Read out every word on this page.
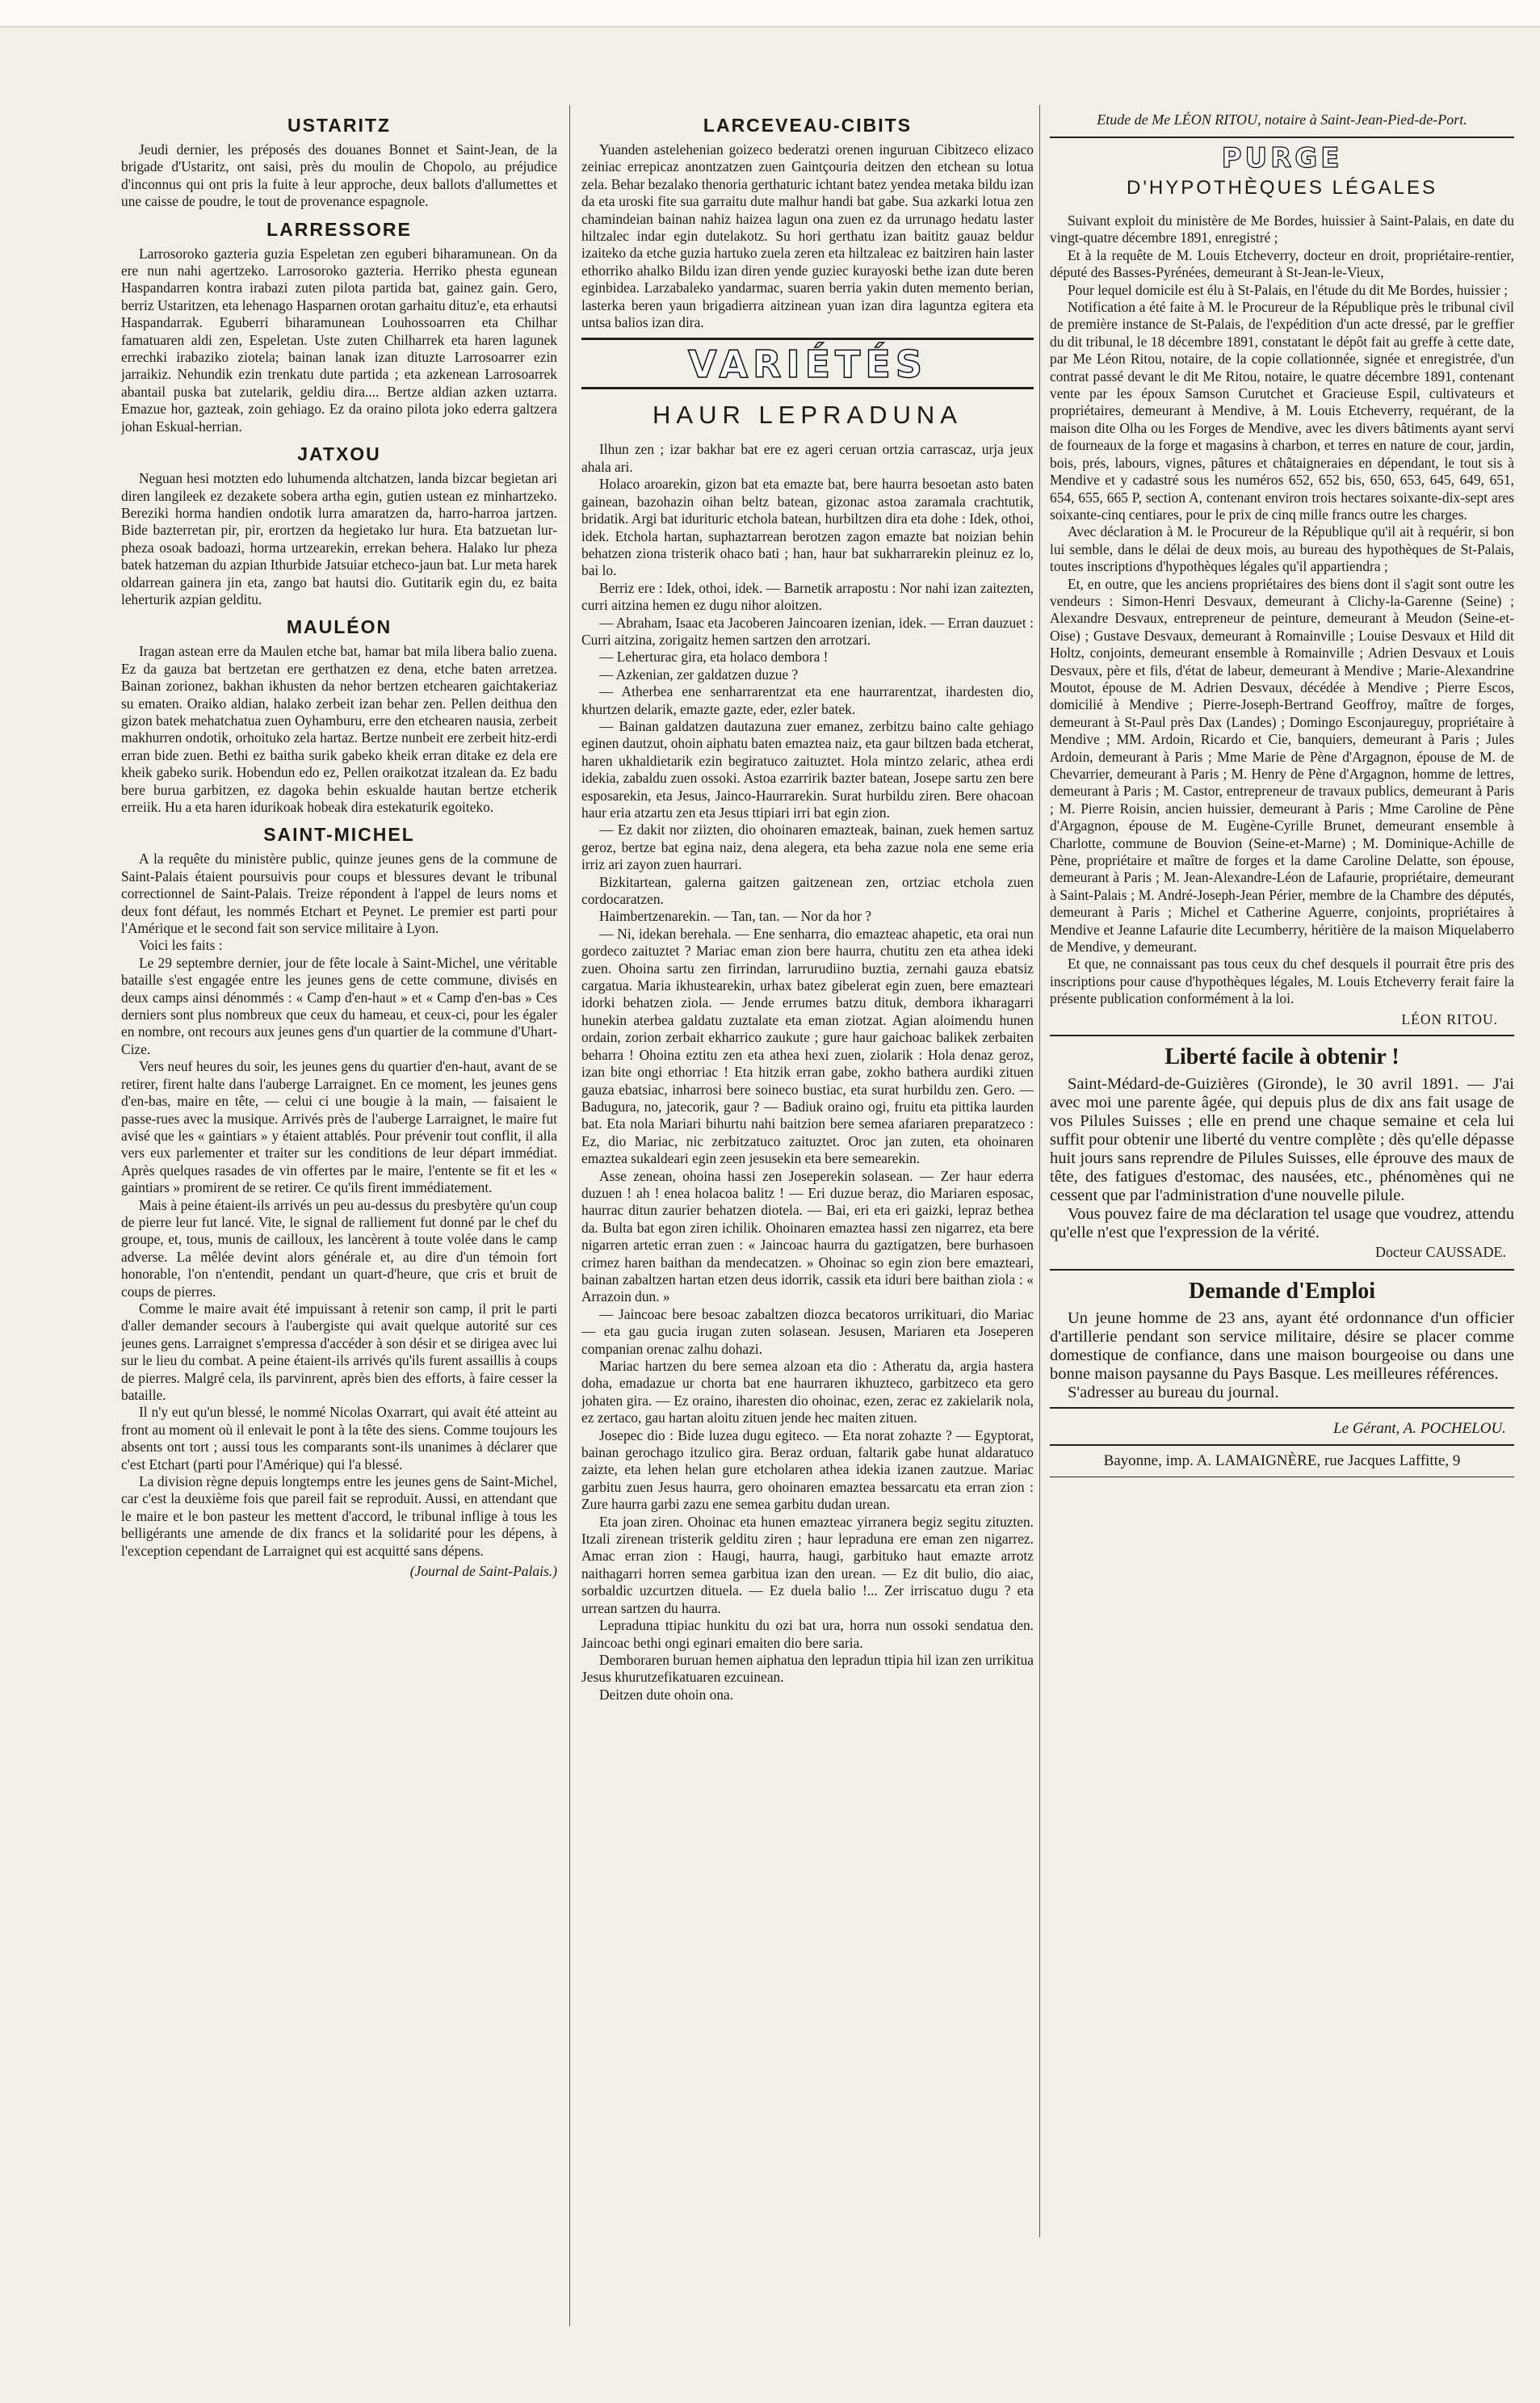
USTARITZ

Jeudi dernier, les préposés des douanes Bonnet et Saint-Jean, de la brigade d'Ustaritz, ont saisi, près du moulin de Chopolo, au préjudice d'inconnus qui ont pris la fuite à leur approche, deux ballots d'allumettes et une caisse de poudre, le tout de provenance espagnole.

LARRESSORE

Larrosoroko gazteria guzia Espeletan zen eguberi biharamunean. On da ere nun nahi agertzeko. Larrosoroko gazteria. Herriko phesta egunean Haspandarren kontra irabazi zuten pilota partida bat, gainez gain. Gero, berriz Ustaritzen, eta lehenago Hasparnen orotan garhaitu dituz'e, eta erhautsi Haspandarrak. Eguberri biharamunean Louhossoarren eta Chilhar famatuaren aldi zen, Espeletan. Uste zuten Chilharrek eta haren lagunek errechki irabaziko ziotela; bainan lanak izan dituzte Larrosoarrer ezin jarraikiz. Nehundik ezin trenkatu dute partida ; eta azkenean Larrosoarrek abantail puska bat zutelarik, geldiu dira.... Bertze aldian azken uztarra. Emazue hor, gazteak, zoin gehiago. Ez da oraino pilota joko ederra galtzera johan Eskual-herrian.

JATXOU

Neguan hesi motzten edo luhumenda altchatzen, landa bizcar begietan ari diren langileek ez dezakete sobera artha egin, gutien ustean ez minhartzeko. Bereziki horma handien ondotik lurra amaratzen da, harro-harroa jartzen. Bide bazterretan pir, pir, erortzen da hegietako lur hura. Eta batzuetan lur-pheza osoak badoazi, horma urtzearekin, errekan behera. Halako lur pheza batek hatzeman du azpian Ithurbide Jatsuiar etcheco-jaun bat. Lur meta harek oldarrean gainera jin eta, zango bat hautsi dio. Gutitarik egin du, ez baita leherturik azpian gelditu.

MAULÉON

Iragan astean erre da Maulen etche bat, hamar bat mila libera balio zuena. Ez da gauza bat bertzetan ere gerthatzen ez dena, etche baten arretzea. Bainan zorionez, bakhan ikhusten da nehor bertzen etchearen gaichtakeriaz su ematen. Oraiko aldian, halako zerbeit izan behar zen. Pellen deithua den gizon batek mehatchatua zuen Oyhamburu, erre den etchearen nausia, zerbeit makhurren ondotik, orhoituko zela hartaz. Bertze nunbeit ere zerbeit hitz-erdi erran bide zuen. Bethi ez baitha surik gabeko kheik erran ditake ez dela ere kheik gabeko surik. Hobendun edo ez, Pellen oraikotzat itzalean da. Ez badu bere burua garbitzen, ez dagoka behin eskualde hautan bertze etcherik erreiik. Hu a eta haren idurikoak hobeak dira estekaturik egoiteko.

SAINT-MICHEL

A la requête du ministère public, quinze jeunes gens de la commune de Saint-Palais étaient poursuivis pour coups et blessures devant le tribunal correctionnel de Saint-Palais. Treize répondent à l'appel de leurs noms et deux font défaut, les nommés Etchart et Peynet. Le premier est parti pour l'Amérique et le second fait son service militaire à Lyon.

Voici les faits :

Le 29 septembre dernier, jour de fête locale à Saint-Michel, une véritable bataille s'est engagée entre les jeunes gens de cette commune, divisés en deux camps ainsi dénommés : « Camp d'en-haut » et « Camp d'en-bas » Ces derniers sont plus nombreux que ceux du hameau, et ceux-ci, pour les égaler en nombre, ont recours aux jeunes gens d'un quartier de la commune d'Uhart-Cize.

Vers neuf heures du soir, les jeunes gens du quartier d'en-haut, avant de se retirer, firent halte dans l'auberge Larraignet. En ce moment, les jeunes gens d'en-bas, maire en tête, — celui ci une bougie à la main, — faisaient le passe-rues avec la musique. Arrivés près de l'auberge Larraignet, le maire fut avisé que les « gaintiars » y étaient attablés. Pour prévenir tout conflit, il alla vers eux parlementer et traiter sur les conditions de leur départ immédiat. Après quelques rasades de vin offertes par le maire, l'entente se fit et les « gaintiars » promirent de se retirer. Ce qu'ils firent immédiatement.

Mais à peine étaient-ils arrivés un peu au-dessus du presbytère qu'un coup de pierre leur fut lancé. Vite, le signal de ralliement fut donné par le chef du groupe, et, tous, munis de cailloux, les lancèrent à toute volée dans le camp adverse. La mêlée devint alors générale et, au dire d'un témoin fort honorable, l'on n'entendit, pendant un quart-d'heure, que cris et bruit de coups de pierres.

Comme le maire avait été impuissant à retenir son camp, il prit le parti d'aller demander secours à l'aubergiste qui avait quelque autorité sur ces jeunes gens. Larraignet s'empressa d'accéder à son désir et se dirigea avec lui sur le lieu du combat. A peine étaient-ils arrivés qu'ils furent assaillis à coups de pierres. Malgré cela, ils parvinrent, après bien des efforts, à faire cesser la bataille.

Il n'y eut qu'un blessé, le nommé Nicolas Oxarrart, qui avait été atteint au front au moment où il enlevait le pont à la tête des siens. Comme toujours les absents ont tort ; aussi tous les comparants sont-ils unanimes à déclarer que c'est Etchart (parti pour l'Amérique) qui l'a blessé.

La division règne depuis longtemps entre les jeunes gens de Saint-Michel, car c'est la deuxième fois que pareil fait se reproduit. Aussi, en attendant que le maire et le bon pasteur les mettent d'accord, le tribunal inflige à tous les belligérants une amende de dix francs et la solidarité pour les dépens, à l'exception cependant de Larraignet qui est acquitté sans dépens.

(Journal de Saint-Palais.)
LARCEVEAU-CIBITS

Yuanden astelehenian goizeco bederatzi orenen inguruan Cibitzeco elizaco zeiniac errepicaz anontzatzen zuen Gaintçouria deitzen den etchean su lotua zela. Behar bezalako thenoria gerthaturic ichtant batez yendea metaka bildu izan da eta uroski fite sua garraitu dute malhur handi bat gabe. Sua azkarki lotua zen chamindeian bainan nahiz haizea lagun ona zuen ez da urrunago hedatu laster hiltzalec indar egin dutelakotz. Su hori gerthatu izan baititz gauaz beldur izaiteko da etche guzia hartuko zuela zeren eta hiltzaleac ez baitziren hain laster ethorriko ahalko Bildu izan diren yende guziec kurayoski bethe izan dute beren eginbidea. Larzabaleko yandarmac, suaren berria yakin duten memento berian, lasterka beren yaun brigadierra aitzinean yuan izan dira laguntza egitera eta untsa balios izan dira.

VARIÉTÉS
HAUR LEPRADUNA

Ilhun zen ; izar bakhar bat ere ez ageri ceruan ortzia carrascaz, urja jeux ahala ari.

Holaco aroarekin, gizon bat eta emazte bat, bere haurra besoetan asto baten gainean, bazohazin oihan beltz batean, gizonac astoa zaramala crachtutik, bridatik. Argi bat idurituric etchola batean, hurbiltzen dira eta dohe : Idek, othoi, idek. Etchola hartan, suphaztarrean berotzen zagon emazte bat noizian behin behatzen ziona tristerik ohaco bati ; han, haur bat sukharrarekin pleinuz ez lo, bai lo.

Berriz ere : Idek, othoi, idek. — Barnetik arrapostu : Nor nahi izan zaitezten, curri aitzina hemen ez dugu nihor aloitzen.

— Abraham, Isaac eta Jacoberen Jaincoaren izenian, idek. — Erran dauzuet : Curri aitzina, zorigaitz hemen sartzen den arrotzari.

— Leherturac gira, eta holaco dembora !

— Azkenian, zer galdatzen duzue ?

— Atherbea ene senharrarentzat eta ene haurrarentzat, ihardesten dio, khurtzen delarik, emazte gazte, eder, ezler batek.

— Bainan galdatzen dautazuna zuer emanez, zerbitzu baino calte gehiago eginen dautzut, ohoin aiphatu baten emaztea naiz, eta gaur biltzen bada etcherat, haren ukhaldietarik ezin begiratuco zaituztet. Hola mintzo zelaric, athea erdi idekia, zabaldu zuen ossoki. Astoa ezarririk bazter batean, Josepe sartu zen bere esposarekin, eta Jesus, Jainco-Haurrarekin. Surat hurbildu ziren. Bere ohacoan haur eria atzartu zen eta Jesus ttipiari irri bat egin zion.

— Ez dakit nor ziizten, dio ohoinaren emazteak, bainan, zuek hemen sartuz geroz, bertze bat egina naiz, dena alegera, eta beha zazue nola ene seme eria irriz ari zayon zuen haurrari.

Bizkitartean, galerna gaitzen gaitzenean zen, ortziac etchola zuen cordocaratzen.

Haimbertzenarekin. — Tan, tan. — Nor da hor ?

— Ni, idekan berehala. — Ene senharra, dio emazteac ahapetic, eta orai nun gordeco zaituztet ? Mariac eman zion bere haurra, chutitu zen eta athea ideki zuen. Ohoina sartu zen firrindan, larrurudiino buztia, zernahi gauza ebatsiz cargatua. Maria ikhustearekin, urhax batez gibelerat egin zuen, bere emazteari idorki behatzen ziola. — Jende errumes batzu dituk, dembora ikharagarri hunekin aterbea galdatu zuztalate eta eman ziotzat. Agian aloimendu hunen ordain, zorion zerbait ekharrico zaukute ; gure haur gaichoac balikek zerbaiten beharra ! Ohoina eztitu zen eta athea hexi zuen, ziolarik : Hola denaz geroz, izan bite ongi ethorriac ! Eta hitzik erran gabe, zokho bathera aurdiki zituen gauza ebatsiac, inharrosi bere soineco bustiac, eta surat hurbildu zen. Gero. — Badugura, no, jatecorik, gaur ? — Badiuk oraino ogi, fruitu eta pittika laurden bat. Eta nola Mariari bihurtu nahi baitzion bere semea afariaren preparatzeco : Ez, dio Mariac, nic zerbitzatuco zaituztet. Oroc jan zuten, eta ohoinaren emaztea sukaldeari egin zeen jesusekin eta bere semearekin.

Asse zenean, ohoina hassi zen Joseperekin solasean. — Zer haur ederra duzuen ! ah ! enea holacoa balitz ! — Eri duzue beraz, dio Mariaren esposac, haurrac ditun zaurier behatzen diotela. — Bai, eri eta eri gaizki, lepraz bethea da. Bulta bat egon ziren ichilik. Ohoinaren emaztea hassi zen nigarrez, eta bere nigarren artetic erran zuen : « Jaincoac haurra du gaztigatzen, bere burhasoen crimez haren baithan da mendecatzen. » Ohoinac so egin zion bere emazteari, bainan zabaltzen hartan etzen deus idorrik, cassik eta iduri bere baithan ziola : « Arrazoin dun. »

— Jaincoac bere besoac zabaltzen diozca becatoros urrikituari, dio Mariac — eta gau gucia irugan zuten solasean. Jesusen, Mariaren eta Joseperen companian orenac zalhu dohazi.

Mariac hartzen du bere semea alzoan eta dio : Atheratu da, argia hastera doha, emadazue ur chorta bat ene haurraren ikhuzteco, garbitzeco eta gero johaten gira. — Ez oraino, iharesten dio ohoinac, ezen, zerac ez zakielarik nola, ez zertaco, gau hartan aloitu zituen jende hec maiten zituen.

Josepec dio : Bide luzea dugu egiteco. — Eta norat zohazte ? — Egyptorat, bainan gerochago itzulico gira. Beraz orduan, faltarik gabe hunat aldaratuco zaizte, eta lehen helan gure etcholaren athea idekia izanen zautzue. Mariac garbitu zuen Jesus haurra, gero ohoinaren emaztea bessarcatu eta erran zion : Zure haurra garbi zazu ene semea garbitu dudan urean.

Eta joan ziren. Ohoinac eta hunen emazteac yirranera begiz segitu zituzten. Itzali zirenean tristerik gelditu ziren ; haur lepraduna ere eman zen nigarrez. Amac erran zion : Haugi, haurra, haugi, garbituko haut emazte arrotz naithagarri horren semea garbitua izan den urean. — Ez dit bulio, dio aiac, sorbaldic uzcurtzen dituela. — Ez duela balio !... Zer irriscatuo dugu ? eta urrean sartzen du haurra.

Lepraduna ttipiac hunkitu du ozi bat ura, horra nun ossoki sendatua den. Jaincoac bethi ongi eginari emaiten dio bere saria.

Demboraren buruan hemen aiphatua den lepradun ttipia hil izan zen urrikitua Jesus khurutzefikatuaren ezcuinean.

Deitzen dute ohoin ona.

Etude de Me LÉON RITOU, notaire à Saint-Jean-Pied-de-Port.
PURGE
D'HYPOTHÈQUES LÉGALES

Suivant exploit du ministère de Me Bordes, huissier à Saint-Palais, en date du vingt-quatre décembre 1891, enregistré ;

Et à la requête de M. Louis Etcheverry, docteur en droit, propriétaire-rentier, député des Basses-Pyrénées, demeurant à St-Jean-le-Vieux,

Pour lequel domicile est élu à St-Palais, en l'étude du dit Me Bordes, huissier ;

Notification a été faite à M. le Procureur de la République près le tribunal civil de première instance de St-Palais, de l'expédition d'un acte dressé, par le greffier du dit tribunal, le 18 décembre 1891, constatant le dépôt fait au greffe à cette date, par Me Léon Ritou, notaire, de la copie collationnée, signée et enregistrée, d'un contrat passé devant le dit Me Ritou, notaire, le quatre décembre 1891, contenant vente par les époux Samson Curutchet et Gracieuse Espil, cultivateurs et propriétaires, demeurant à Mendive, à M. Louis Etcheverry, requérant, de la maison dite Olha ou les Forges de Mendive, avec les divers bâtiments ayant servi de fourneaux de la forge et magasins à charbon, et terres en nature de cour, jardin, bois, prés, labours, vignes, pâtures et châtaigneraies en dépendant, le tout sis à Mendive et y cadastré sous les numéros 652, 652 bis, 650, 653, 645, 649, 651, 654, 655, 665 P, section A, contenant environ trois hectares soixante-dix-sept ares soixante-cinq centiares, pour le prix de cinq mille francs outre les charges.

Avec déclaration à M. le Procureur de la République qu'il ait à requérir, si bon lui semble, dans le délai de deux mois, au bureau des hypothèques de St-Palais, toutes inscriptions d'hypothèques légales qu'il appartiendra ;

Et, en outre, que les anciens propriétaires des biens dont il s'agit sont outre les vendeurs : Simon-Henri Desvaux, demeurant à Clichy-la-Garenne (Seine) ; Alexandre Desvaux, entrepreneur de peinture, demeurant à Meudon (Seine-et-Oise) ; Gustave Desvaux, demeurant à Romainville ; Louise Desvaux et Hild dit Holtz, conjoints, demeurant ensemble à Romainville ; Adrien Desvaux et Louis Desvaux, père et fils, d'état de labeur, demeurant à Mendive ; Marie-Alexandrine Moutot, épouse de M. Adrien Desvaux, décédée à Mendive ; Pierre Escos, domicilié à Mendive ; Pierre-Joseph-Bertrand Geoffroy, maître de forges, demeurant à St-Paul près Dax (Landes) ; Domingo Esconjaureguy, propriétaire à Mendive ; MM. Ardoin, Ricardo et Cie, banquiers, demeurant à Paris ; Jules Ardoin, demeurant à Paris ; Mme Marie de Pène d'Argagnon, épouse de M. de Chevarrier, demeurant à Paris ; M. Henry de Pène d'Argagnon, homme de lettres, demeurant à Paris ; M. Castor, entrepreneur de travaux publics, demeurant à Paris ; M. Pierre Roisin, ancien huissier, demeurant à Paris ; Mme Caroline de Pène d'Argagnon, épouse de M. Eugène-Cyrille Brunet, demeurant ensemble à Charlotte, commune de Bouvion (Seine-et-Marne) ; M. Dominique-Achille de Pène, propriétaire et maître de forges et la dame Caroline Delatte, son épouse, demeurant à Paris ; M. Jean-Alexandre-Léon de Lafaurie, propriétaire, demeurant à Saint-Palais ; M. André-Joseph-Jean Périer, membre de la Chambre des députés, demeurant à Paris ; Michel et Catherine Aguerre, conjoints, propriétaires à Mendive et Jeanne Lafaurie dite Lecumberry, héritière de la maison Miquelaberro de Mendive, y demeurant.

Et que, ne connaissant pas tous ceux du chef desquels il pourrait être pris des inscriptions pour cause d'hypothèques légales, M. Louis Etcheverry ferait faire la présente publication conformément à la loi.

LÉON RITOU.
Liberté facile à obtenir !

Saint-Médard-de-Guizières (Gironde), le 30 avril 1891. — J'ai avec moi une parente âgée, qui depuis plus de dix ans fait usage de vos Pilules Suisses ; elle en prend une chaque semaine et cela lui suffit pour obtenir une liberté du ventre complète ; dès qu'elle dépasse huit jours sans reprendre de Pilules Suisses, elle éprouve des maux de tête, des fatigues d'estomac, des nausées, etc., phénomènes qui ne cessent que par l'administration d'une nouvelle pilule.

Vous pouvez faire de ma déclaration tel usage que voudrez, attendu qu'elle n'est que l'expression de la vérité.

Docteur CAUSSADE.
Demande d'Emploi

Un jeune homme de 23 ans, ayant été ordonnance d'un officier d'artillerie pendant son service militaire, désire se placer comme domestique de confiance, dans une maison bourgeoise ou dans une bonne maison paysanne du Pays Basque. Les meilleures références.

S'adresser au bureau du journal.

Le Gérant, A. POCHELOU.
Bayonne, imp. A. LAMAIGNÈRE, rue Jacques Laffitte, 9
